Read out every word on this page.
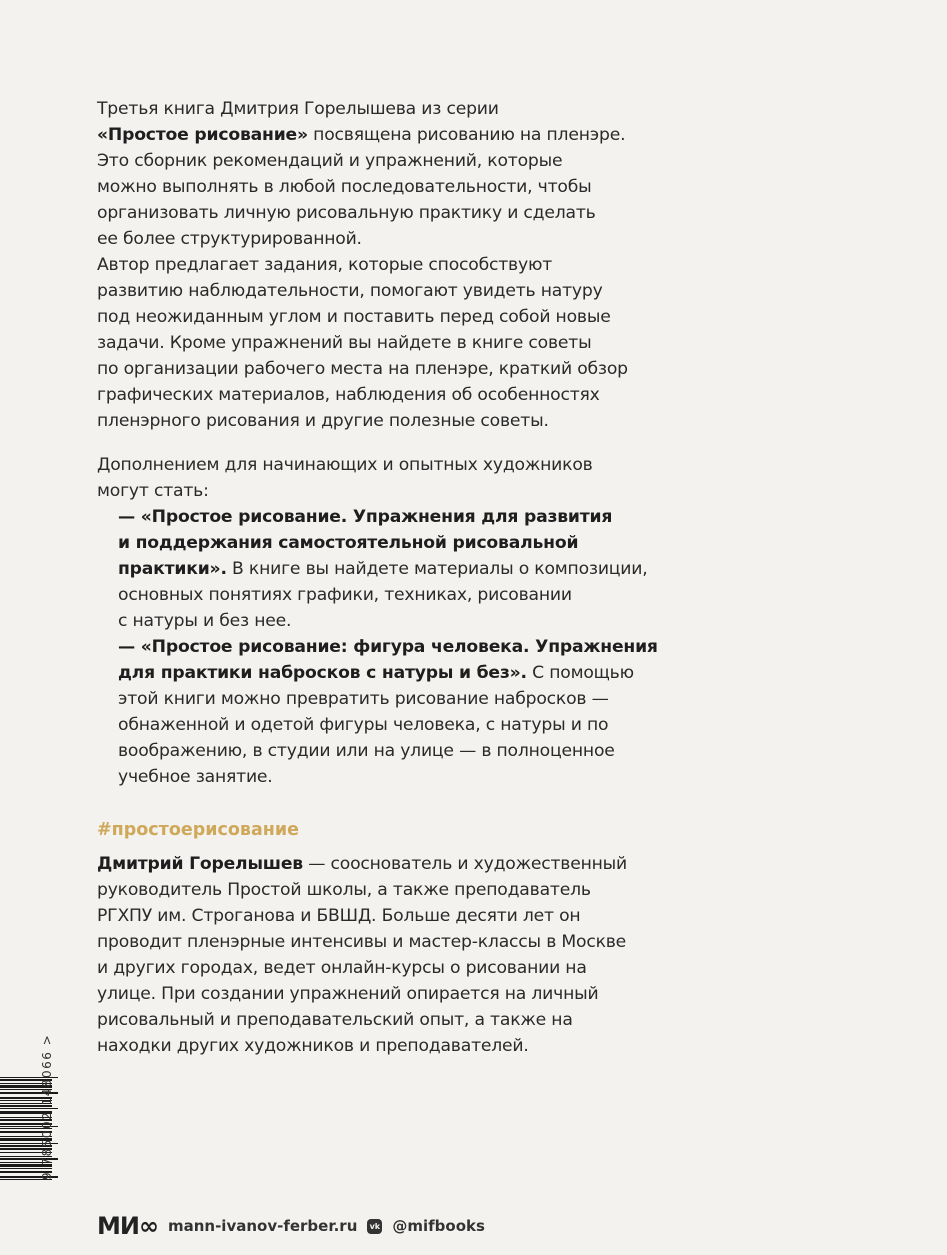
Третья книга Дмитрия Горелышева из серии
«Простое рисование» посвящена рисованию на пленэре.
Это сборник рекомендаций и упражнений, которые
можно выполнять в любой последовательности, чтобы
организовать личную рисовальную практику и сделать
ее более структурированной.
Автор предлагает задания, которые способствуют
развитию наблюдательности, помогают увидеть натуру
под неожиданным углом и поставить перед собой новые
задачи. Кроме упражнений вы найдете в книге советы
по организации рабочего места на пленэре, краткий обзор
графических материалов, наблюдения об особенностях
пленэрного рисования и другие полезные советы.
Дополнением для начинающих и опытных художников
могут стать:
— «Простое рисование. Упражнения для развития
и поддержания самостоятельной рисовальной
практики». В книге вы найдете материалы о композиции,
основных понятиях графики, техниках, рисовании
с натуры и без нее.
— «Простое рисование: фигура человека. Упражнения
для практики набросков с натуры и без». С помощью
этой книги можно превратить рисование набросков —
обнаженной и одетой фигуры человека, с натуры и по
воображению, в студии или на улице — в полноценное
учебное занятие.
Дмитрий Горелышев — сооснователь и художественный
руководитель Простой школы, а также преподаватель
РГХПУ им. Строганова и БВШД. Больше десяти лет он
проводит пленэрные интенсивы и мастер-классы в Москве
и других городах, ведет онлайн-курсы о рисовании на
улице. При создании упражнений опирается на личный
рисовальный и преподавательский опыт, а также на
находки других художников и преподавателей.
#простоерисование
9 785002 148066 >
МИ∞ mann-ivanov-ferber.ru vk @mifbooks
